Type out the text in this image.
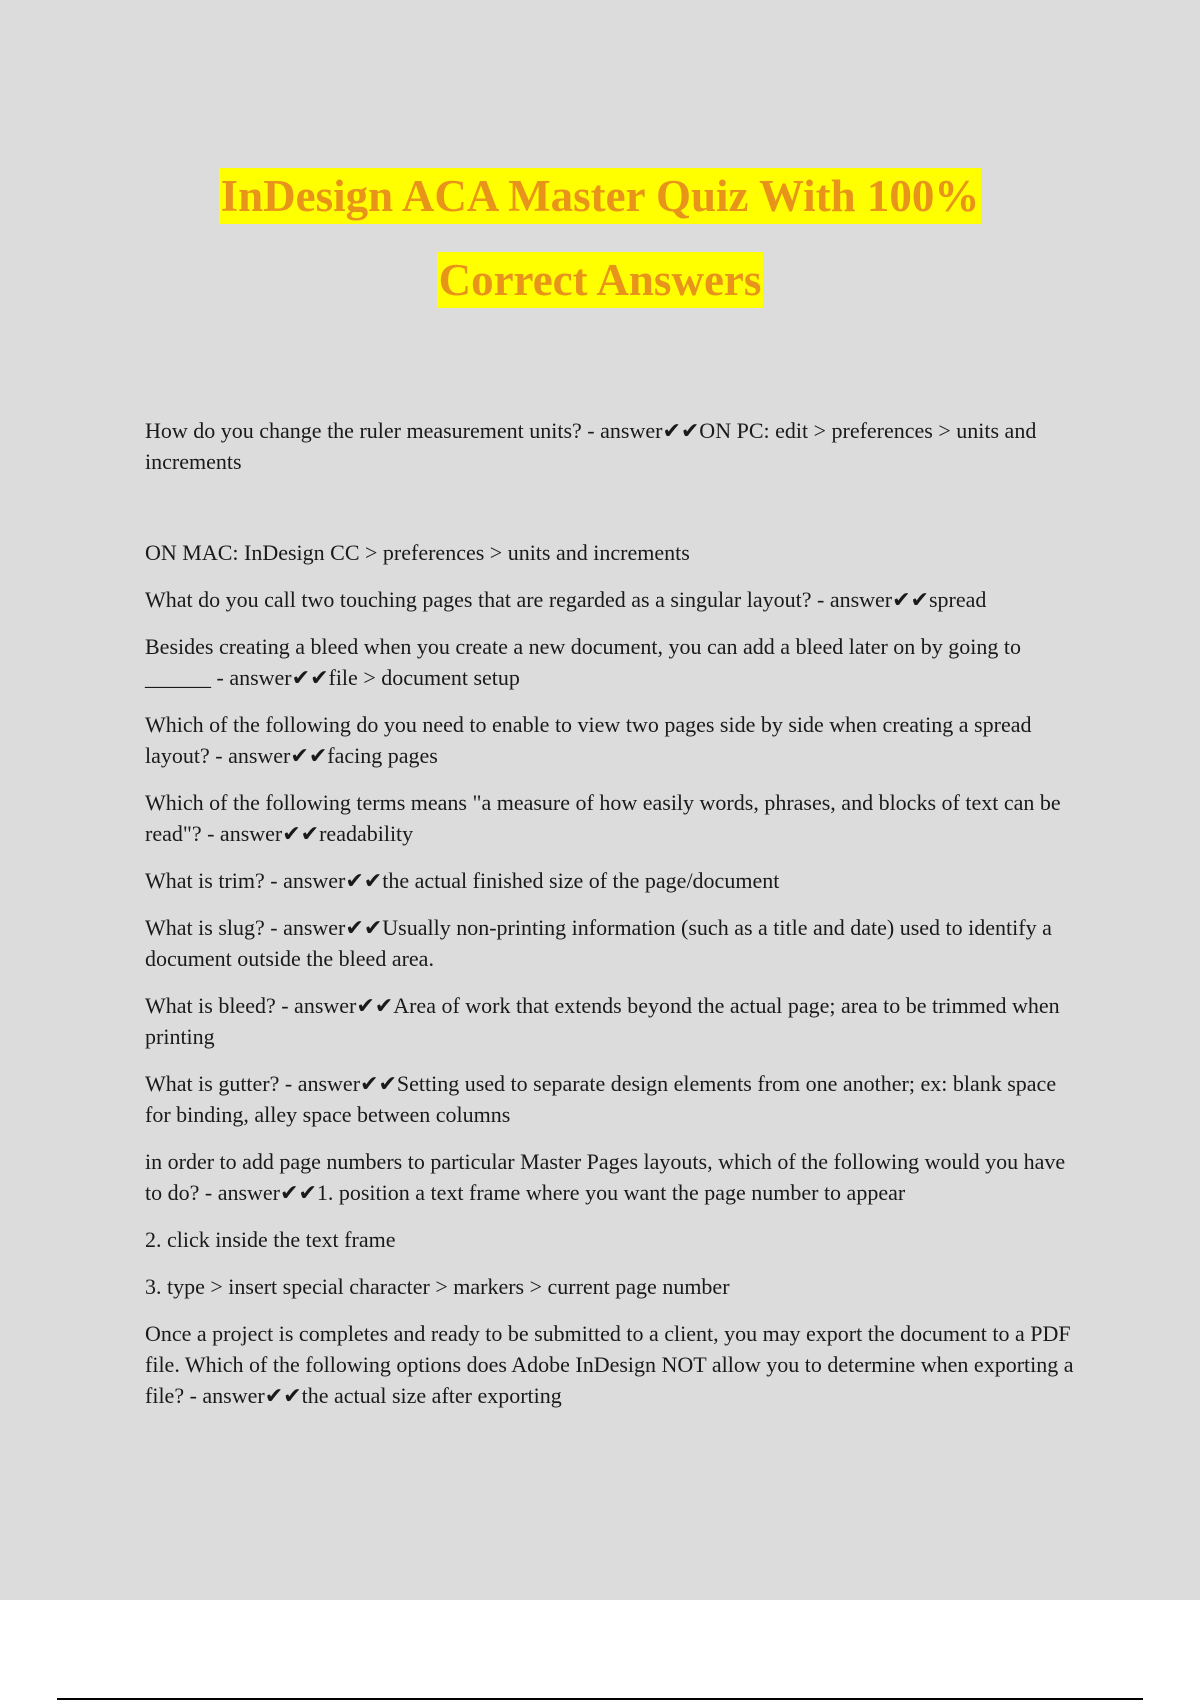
InDesign ACA Master Quiz With 100%
Correct Answers

How do you change the ruler measurement units? - answer✔✔ON PC: edit > preferences > units and increments

ON MAC: InDesign CC > preferences > units and increments

What do you call two touching pages that are regarded as a singular layout? - answer✔✔spread

Besides creating a bleed when you create a new document, you can add a bleed later on by going to ______ - answer✔✔file > document setup

Which of the following do you need to enable to view two pages side by side when creating a spread layout? - answer✔✔facing pages

Which of the following terms means "a measure of how easily words, phrases, and blocks of text can be read"? - answer✔✔readability

What is trim? - answer✔✔the actual finished size of the page/document

What is slug? - answer✔✔Usually non-printing information (such as a title and date) used to identify a document outside the bleed area.

What is bleed? - answer✔✔Area of work that extends beyond the actual page; area to be trimmed when printing

What is gutter? - answer✔✔Setting used to separate design elements from one another; ex: blank space for binding, alley space between columns

in order to add page numbers to particular Master Pages layouts, which of the following would you have to do? - answer✔✔1. position a text frame where you want the page number to appear

2. click inside the text frame

3. type > insert special character > markers > current page number

Once a project is completes and ready to be submitted to a client, you may export the document to a PDF file. Which of the following options does Adobe InDesign NOT allow you to determine when exporting a file? - answer✔✔the actual size after exporting
